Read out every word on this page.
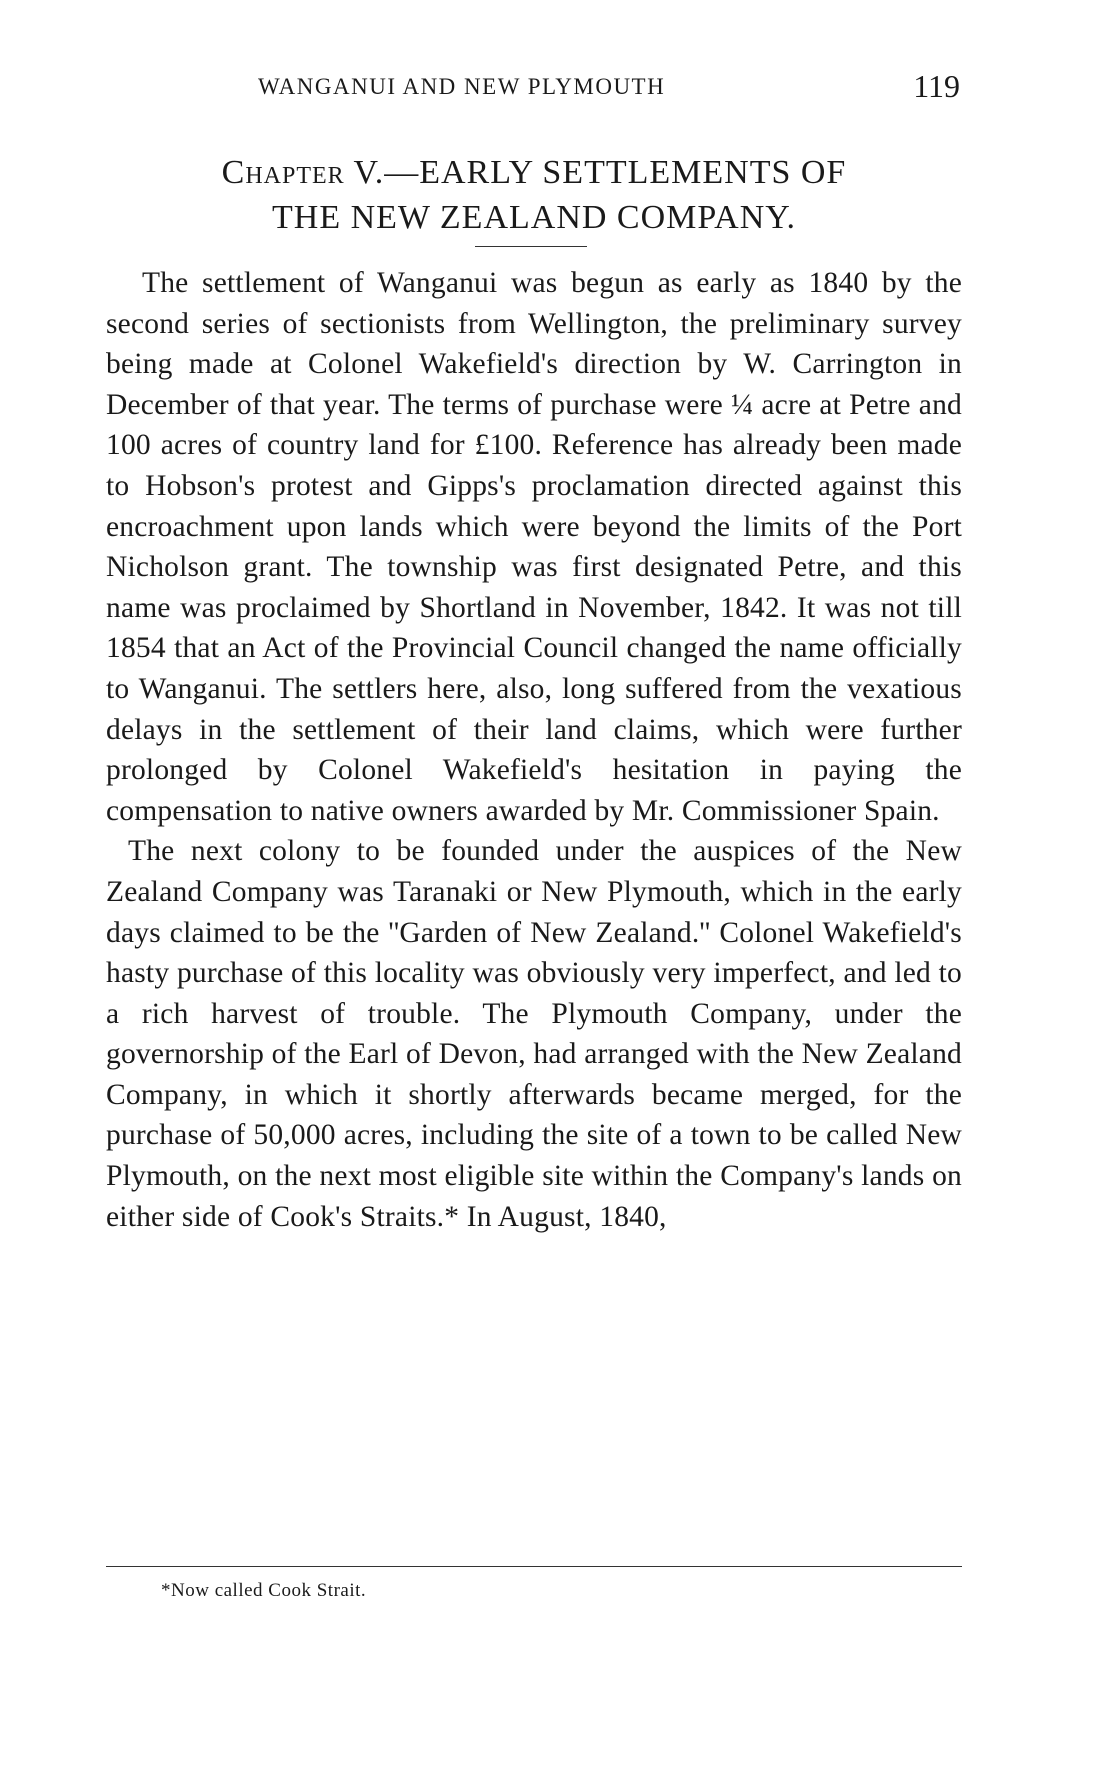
WANGANUI AND NEW PLYMOUTH	119
Chapter V.—EARLY SETTLEMENTS OF
THE NEW ZEALAND COMPANY.

The settlement of Wanganui was begun as early as 1840 by the second series of sectionists from Wellington, the preliminary survey being made at Colonel Wakefield's direction by W. Carrington in December of that year. The terms of purchase were ¼ acre at Petre and 100 acres of country land for £100. Reference has already been made to Hobson's protest and Gipps's proclamation directed against this encroachment upon lands which were beyond the limits of the Port Nicholson grant. The township was first designated Petre, and this name was proclaimed by Shortland in November, 1842. It was not till 1854 that an Act of the Provincial Council changed the name officially to Wanganui. The settlers here, also, long suffered from the vexatious delays in the settlement of their land claims, which were further prolonged by Colonel Wakefield's hesitation in paying the compensation to native owners awarded by Mr. Commissioner Spain.

The next colony to be founded under the auspices of the New Zealand Company was Taranaki or New Plymouth, which in the early days claimed to be the ''Garden of New Zealand.'' Colonel Wakefield's hasty purchase of this locality was obviously very imperfect, and led to a rich harvest of trouble. The Plymouth Company, under the governorship of the Earl of Devon, had arranged with the New Zealand Company, in which it shortly afterwards became merged, for the purchase of 50,000 acres, including the site of a town to be called New Plymouth, on the next most eligible site within the Company's lands on either side of Cook's Straits.* In August, 1840,

*Now called Cook Strait.
